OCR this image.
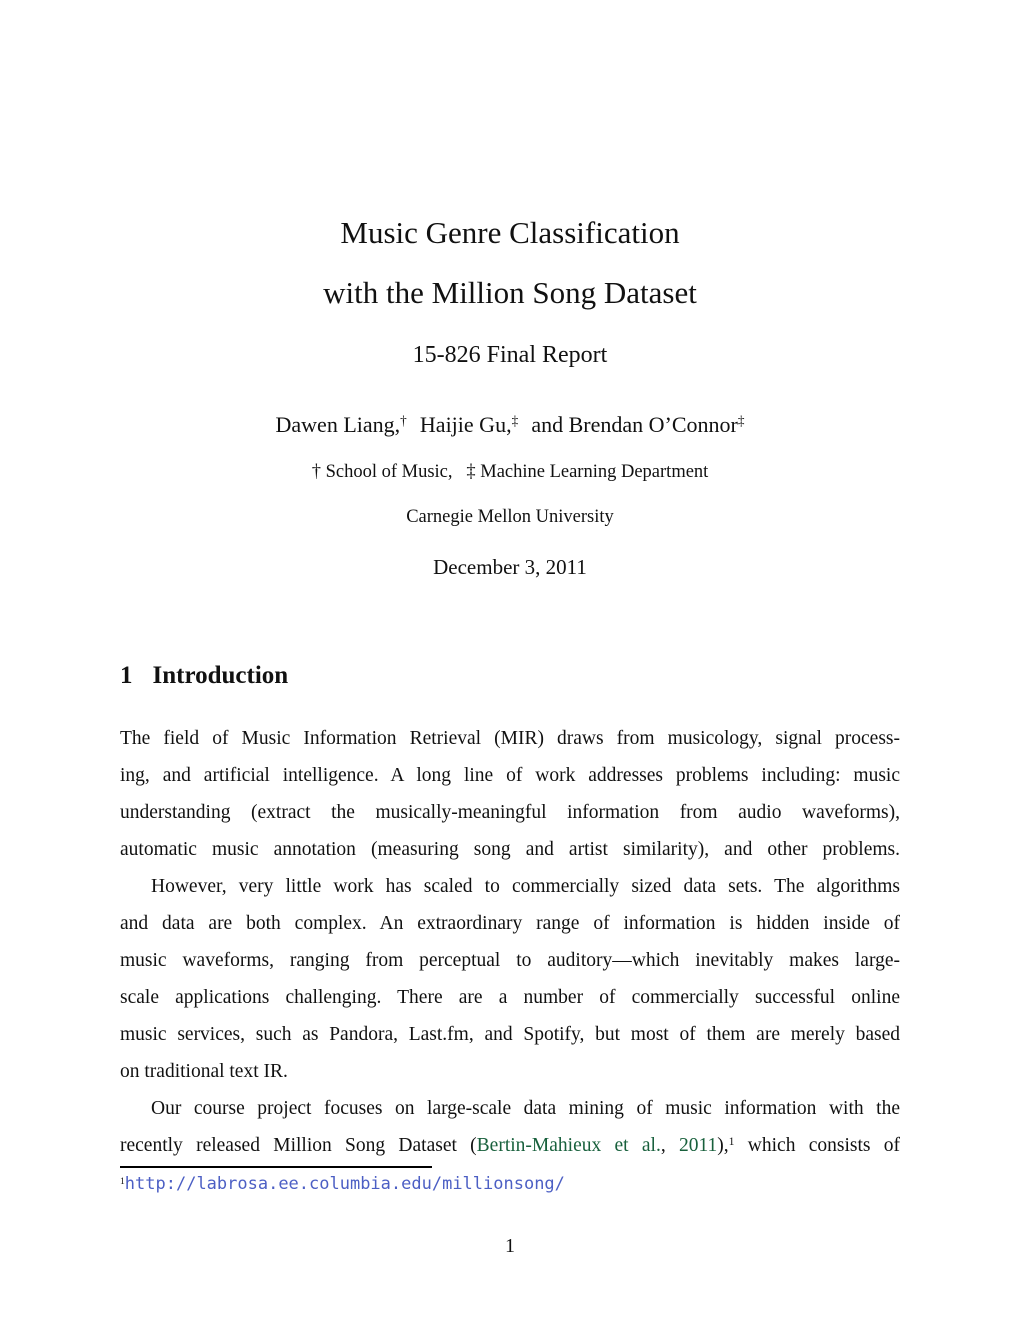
Music Genre Classification
with the Million Song Dataset
15-826 Final Report
Dawen Liang,† Haijie Gu,‡ and Brendan O’Connor‡
† School of Music,  ‡ Machine Learning Department
Carnegie Mellon University
December 3, 2011
1 Introduction
The field of Music Information Retrieval (MIR) draws from musicology, signal process-
ing, and artificial intelligence. A long line of work addresses problems including: music
understanding (extract the musically-meaningful information from audio waveforms),
automatic music annotation (measuring song and artist similarity), and other problems.
However, very little work has scaled to commercially sized data sets. The algorithms
and data are both complex. An extraordinary range of information is hidden inside of
music waveforms, ranging from perceptual to auditory—which inevitably makes large-
scale applications challenging. There are a number of commercially successful online
music services, such as Pandora, Last.fm, and Spotify, but most of them are merely based
on traditional text IR.
Our course project focuses on large-scale data mining of music information with the
recently released Million Song Dataset (Bertin-Mahieux et al., 2011),$^1$ which consists of
$^1$http://labrosa.ee.columbia.edu/millionsong/
1
